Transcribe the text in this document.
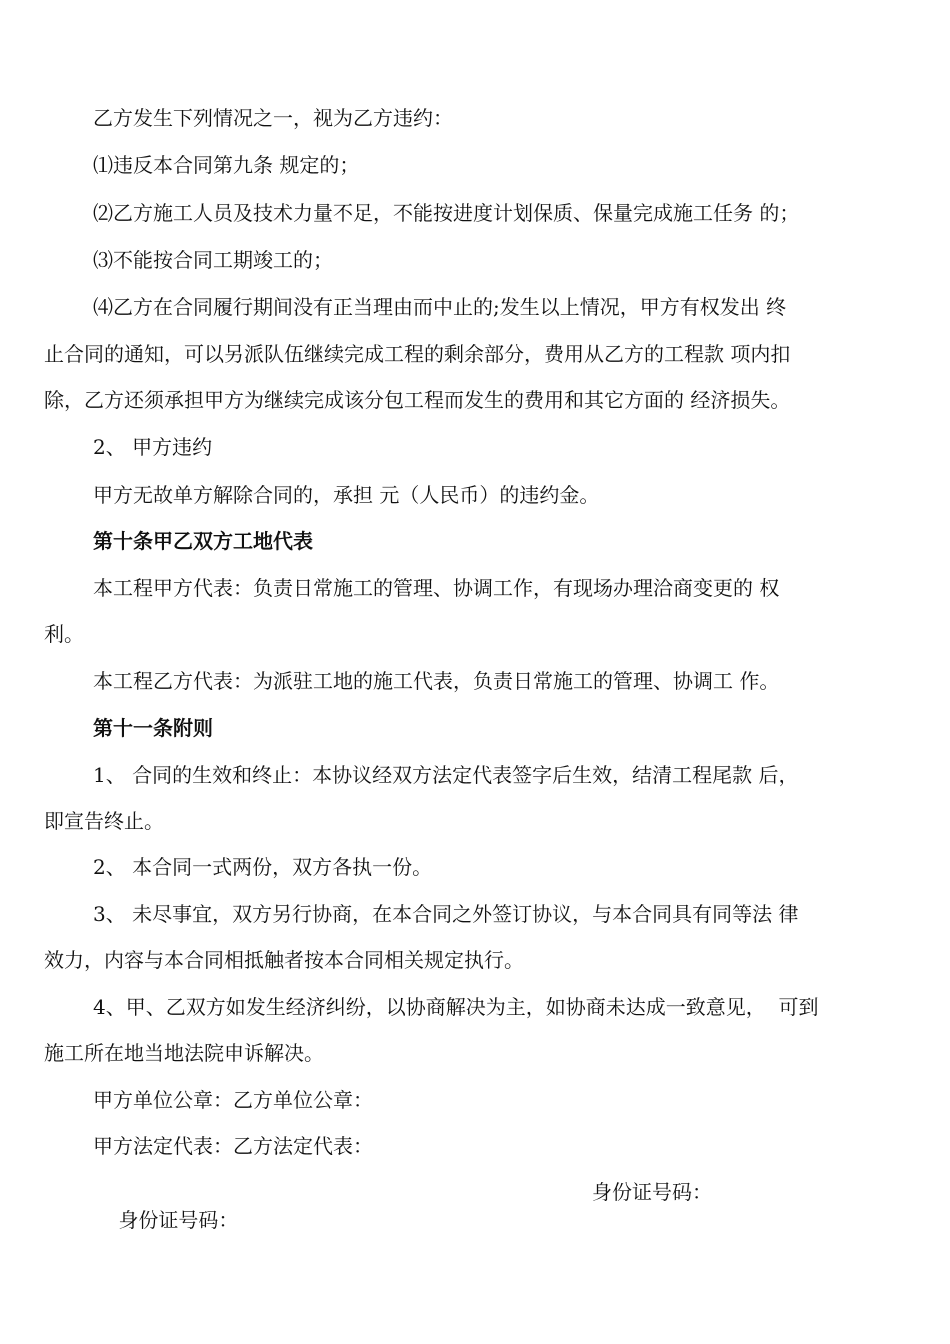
乙方发生下列情况之一，视为乙方违约：

⑴违反本合同第九条 规定的；

⑵乙方施工人员及技术力量不足，不能按进度计划保质、保量完成施工任务 的；

⑶不能按合同工期竣工的；

⑷乙方在合同履行期间没有正当理由而中止的;发生以上情况，甲方有权发出 终

止合同的通知，可以另派队伍继续完成工程的剩余部分，费用从乙方的工程款 项内扣

除，乙方还须承担甲方为继续完成该分包工程而发生的费用和其它方面的 经济损失。

2、 甲方违约

甲方无故单方解除合同的，承担 元（人民币）的违约金。

第十条甲乙双方工地代表

本工程甲方代表：负责日常施工的管理、协调工作，有现场办理洽商变更的 权

利。

本工程乙方代表：为派驻工地的施工代表，负责日常施工的管理、协调工 作。

第十一条附则

1、 合同的生效和终止：本协议经双方法定代表签字后生效，结清工程尾款 后，

即宣告终止。

2、 本合同一式两份，双方各执一份。

3、 未尽事宜，双方另行协商，在本合同之外签订协议，与本合同具有同等法 律

效力，内容与本合同相抵触者按本合同相关规定执行。

4、甲、乙双方如发生经济纠纷，以协商解决为主，如协商未达成一致意见，  可到

施工所在地当地法院申诉解决。

甲方单位公章：乙方单位公章：

甲方法定代表：乙方法定代表：

身份证号码：

身份证号码：
